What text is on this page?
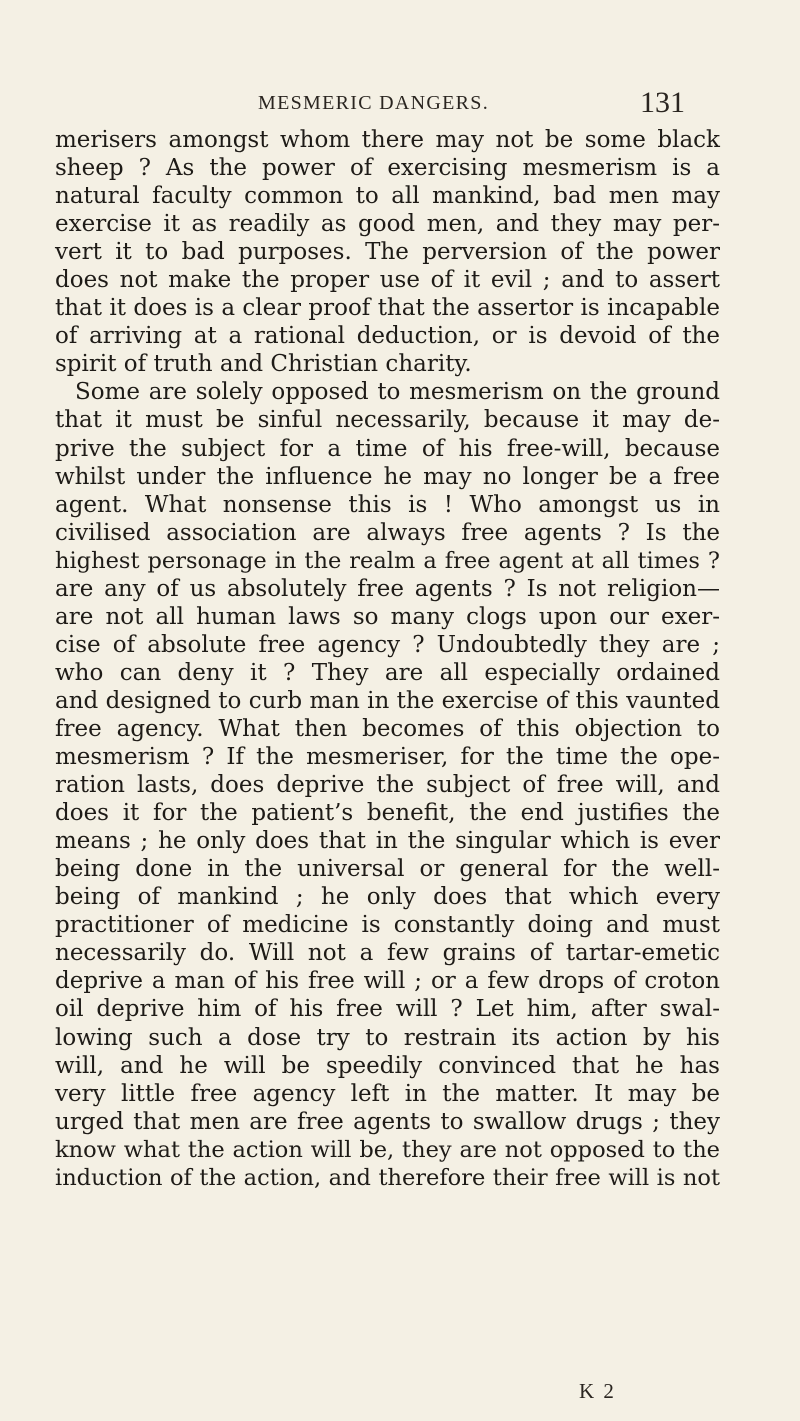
MESMERIC DANGERS.	131
merisers amongst whom there may not be some black
sheep ? As the power of exercising mesmerism is a
natural faculty common to all mankind, bad men may
exercise it as readily as good men, and they may per-
vert it to bad purposes. The perversion of the power
does not make the proper use of it evil ; and to assert
that it does is a clear proof that the assertor is incapable
of arriving at a rational deduction, or is devoid of the
spirit of truth and Christian charity.
Some are solely opposed to mesmerism on the ground
that it must be sinful necessarily, because it may de-
prive the subject for a time of his free-will, because
whilst under the influence he may no longer be a free
agent. What nonsense this is ! Who amongst us in
civilised association are always free agents ? Is the
highest personage in the realm a free agent at all times ?
are any of us absolutely free agents ? Is not religion—
are not all human laws so many clogs upon our exer-
cise of absolute free agency ? Undoubtedly they are ;
who can deny it ? They are all especially ordained
and designed to curb man in the exercise of this vaunted
free agency. What then becomes of this objection to
mesmerism ? If the mesmeriser, for the time the ope-
ration lasts, does deprive the subject of free will, and
does it for the patient’s benefit, the end justifies the
means ; he only does that in the singular which is ever
being done in the universal or general for the well-
being of mankind ; he only does that which every
practitioner of medicine is constantly doing and must
necessarily do. Will not a few grains of tartar-emetic
deprive a man of his free will ; or a few drops of croton
oil deprive him of his free will ? Let him, after swal-
lowing such a dose try to restrain its action by his
will, and he will be speedily convinced that he has
very little free agency left in the matter. It may be
urged that men are free agents to swallow drugs ; they
know what the action will be, they are not opposed to the
induction of the action, and therefore their free will is not
K 2
